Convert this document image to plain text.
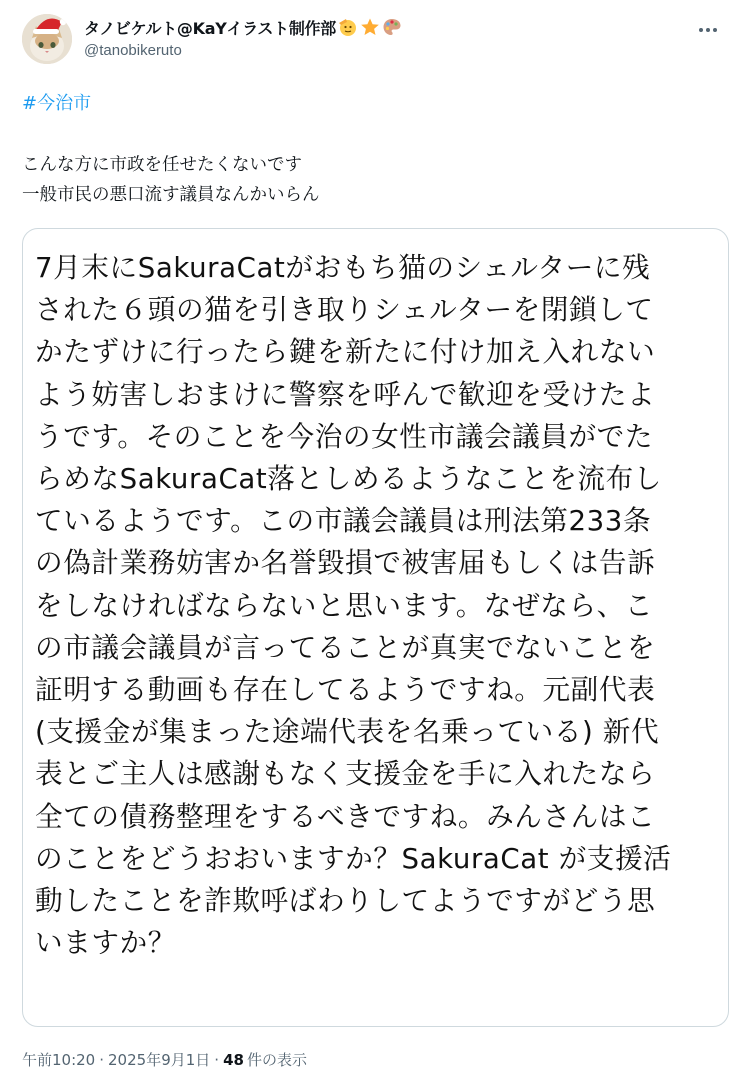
タノビケルト@KaYイラスト制作部
@tanobikeruto
#今治市
こんな方に市政を任せたくないです
一般市民の悪口流す議員なんかいらん
7月末にSakuraCatがおもち猫のシェルターに残
された６頭の猫を引き取りシェルターを閉鎖して
かたずけに行ったら鍵を新たに付け加え入れない
よう妨害しおまけに警察を呼んで歓迎を受けたよ
うです。そのことを今治の女性市議会議員がでた
らめなSakuraCat落としめるようなことを流布し
ているようです。この市議会議員は刑法第233条
の偽計業務妨害か名誉毀損で被害届もしくは告訴
をしなければならないと思います。なぜなら、こ
の市議会議員が言ってることが真実でないことを
証明する動画も存在してるようですね。元副代表
(支援金が集まった途端代表を名乗っている) 新代
表とご主人は感謝もなく支援金を手に入れたなら
全ての債務整理をするべきですね。みんさんはこ
のことをどうおおいますか？SakuraCat が支援活
動したことを詐欺呼ばわりしてようですがどう思
いますか？
午前10:20 · 2025年9月1日 · 48 件の表示
